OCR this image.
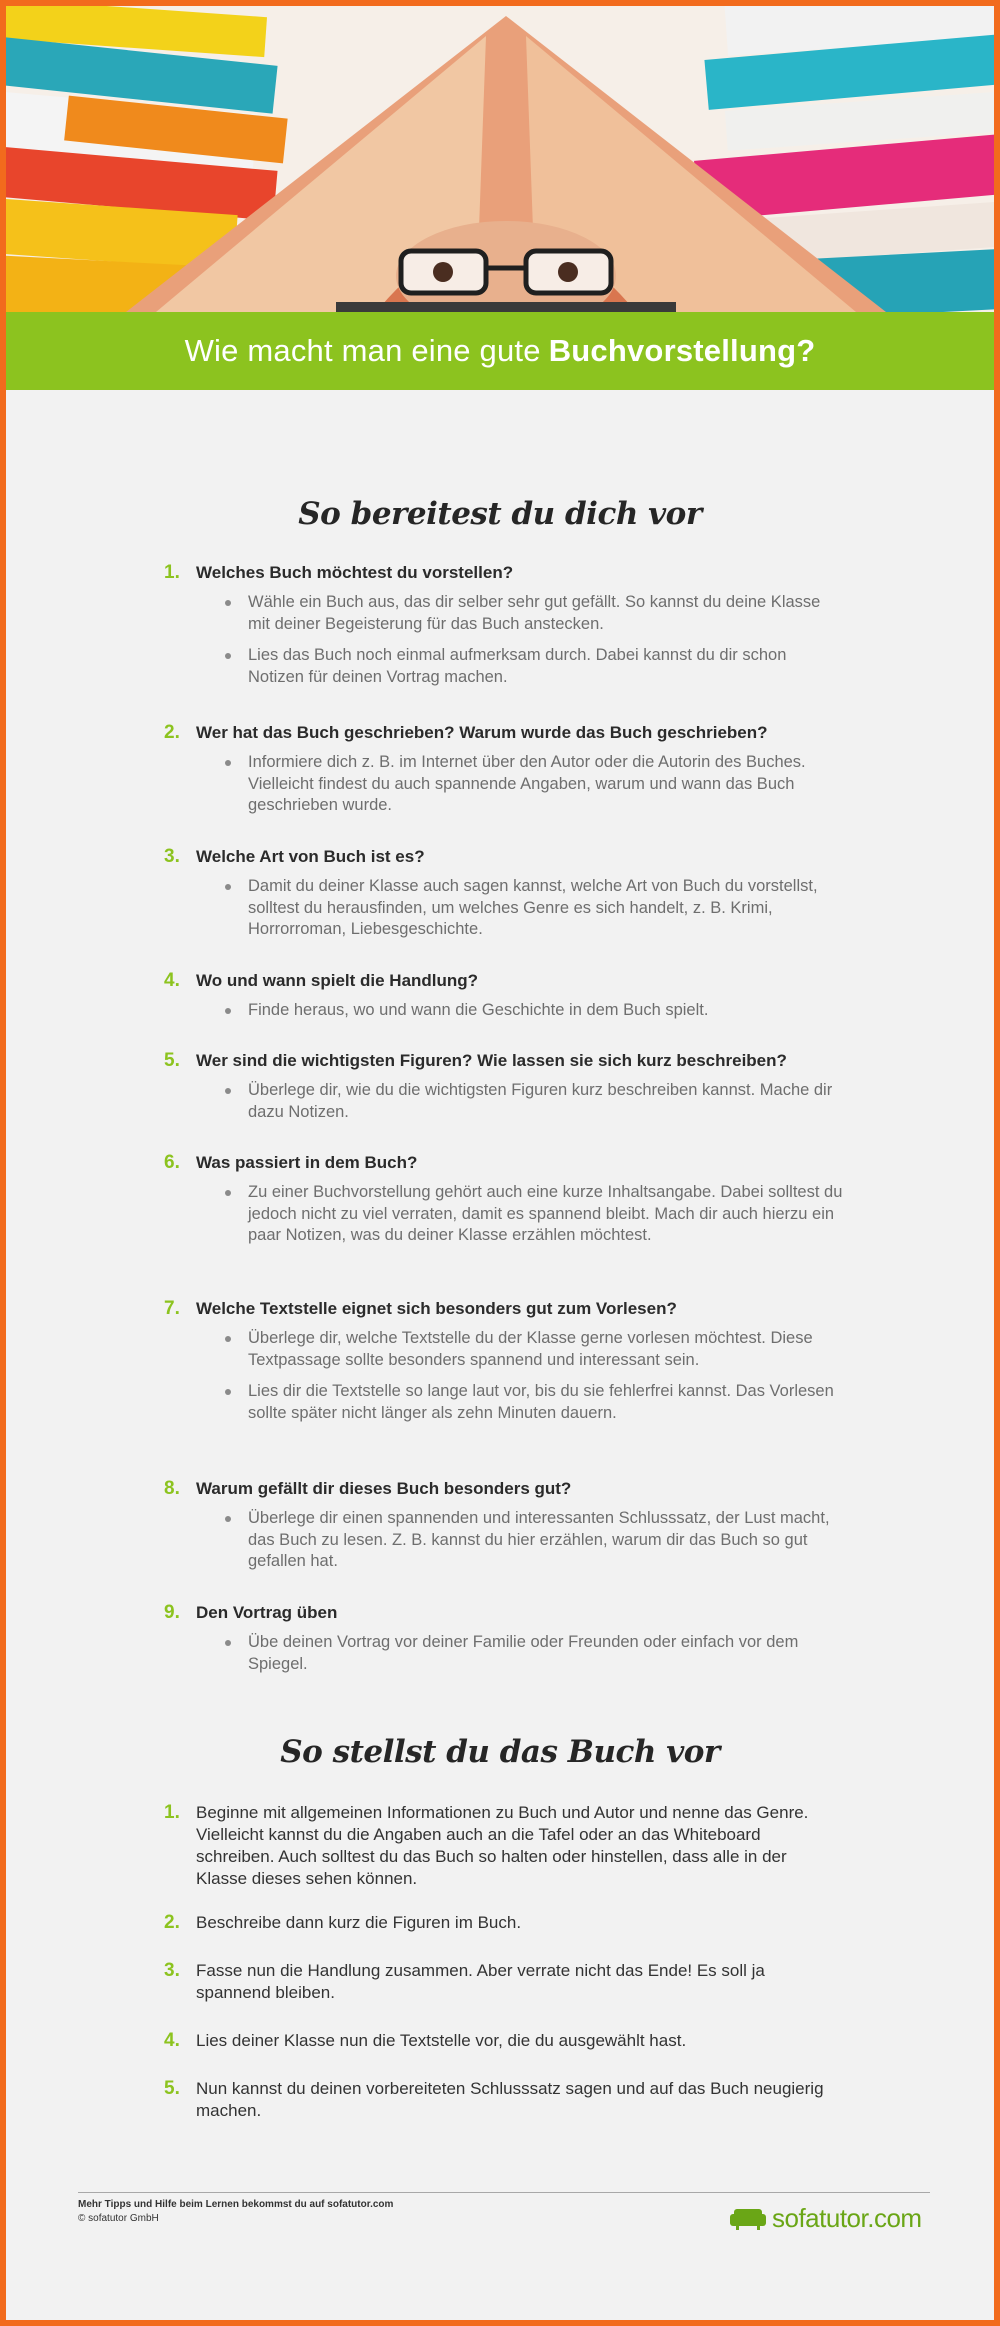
Wie macht man eine gute Buchvorstellung?
So bereitest du dich vor
1. Welches Buch möchtest du vorstellen?
Wähle ein Buch aus, das dir selber sehr gut gefällt. So kannst du deine Klasse mit deiner Begeisterung für das Buch anstecken.
Lies das Buch noch einmal aufmerksam durch. Dabei kannst du dir schon Notizen für deinen Vortrag machen.
2. Wer hat das Buch geschrieben? Warum wurde das Buch geschrieben?
Informiere dich z. B. im Internet über den Autor oder die Autorin des Buches. Vielleicht findest du auch spannende Angaben, warum und wann das Buch geschrieben wurde.
3. Welche Art von Buch ist es?
Damit du deiner Klasse auch sagen kannst, welche Art von Buch du vorstellst, solltest du herausfinden, um welches Genre es sich handelt, z. B. Krimi, Horrorroman, Liebesgeschichte.
4. Wo und wann spielt die Handlung?
Finde heraus, wo und wann die Geschichte in dem Buch spielt.
5. Wer sind die wichtigsten Figuren? Wie lassen sie sich kurz beschreiben?
Überlege dir, wie du die wichtigsten Figuren kurz beschreiben kannst. Mache dir dazu Notizen.
6. Was passiert in dem Buch?
Zu einer Buchvorstellung gehört auch eine kurze Inhaltsangabe. Dabei solltest du jedoch nicht zu viel verraten, damit es spannend bleibt. Mach dir auch hierzu ein paar Notizen, was du deiner Klasse erzählen möchtest.
7. Welche Textstelle eignet sich besonders gut zum Vorlesen?
Überlege dir, welche Textstelle du der Klasse gerne vorlesen möchtest. Diese Textpassage sollte besonders spannend und interessant sein.
Lies dir die Textstelle so lange laut vor, bis du sie fehlerfrei kannst. Das Vorlesen sollte später nicht länger als zehn Minuten dauern.
8. Warum gefällt dir dieses Buch besonders gut?
Überlege dir einen spannenden und interessanten Schlusssatz, der Lust macht, das Buch zu lesen. Z. B. kannst du hier erzählen, warum dir das Buch so gut gefallen hat.
9. Den Vortrag üben
Übe deinen Vortrag vor deiner Familie oder Freunden oder einfach vor dem Spiegel.
So stellst du das Buch vor
1. Beginne mit allgemeinen Informationen zu Buch und Autor und nenne das Genre. Vielleicht kannst du die Angaben auch an die Tafel oder an das Whiteboard schreiben. Auch solltest du das Buch so halten oder hinstellen, dass alle in der Klasse dieses sehen können.
2. Beschreibe dann kurz die Figuren im Buch.
3. Fasse nun die Handlung zusammen. Aber verrate nicht das Ende! Es soll ja spannend bleiben.
4. Lies deiner Klasse nun die Textstelle vor, die du ausgewählt hast.
5. Nun kannst du deinen vorbereiteten Schlusssatz sagen und auf das Buch neugierig machen.
Mehr Tipps und Hilfe beim Lernen bekommst du auf sofatutor.com
© sofatutor GmbH	sofatutor.com
